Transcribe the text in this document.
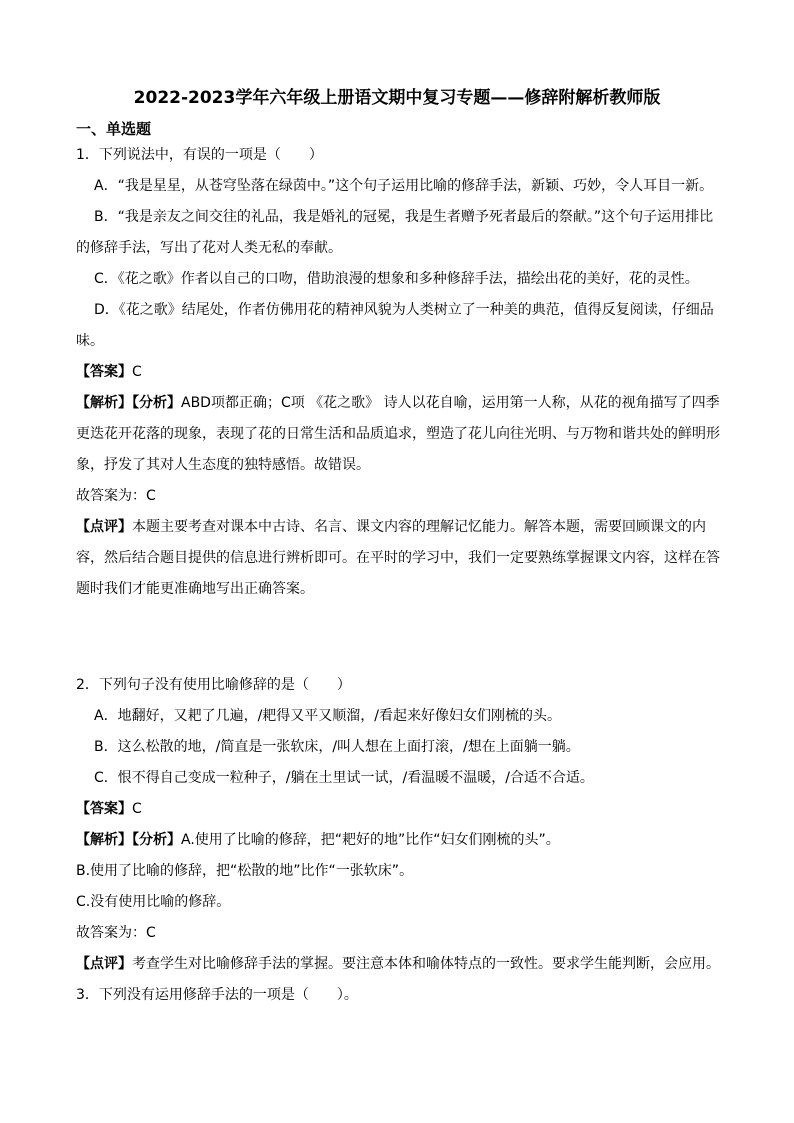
2022-2023学年六年级上册语文期中复习专题——修辞附解析教师版
一、单选题

1．下列说法中，有误的一项是（　　）

A．“我是星星，从苍穹坠落在绿茵中。”这个句子运用比喻的修辞手法，新颖、巧妙，令人耳目一新。

B．“我是亲友之间交往的礼品，我是婚礼的冠冕，我是生者赠予死者最后的祭献。”这个句子运用排比的修辞手法，写出了花对人类无私的奉献。

C．《花之歌》作者以自己的口吻，借助浪漫的想象和多种修辞手法，描绘出花的美好，花的灵性。

D．《花之歌》结尾处，作者仿佛用花的精神风貌为人类树立了一种美的典范，值得反复阅读，仔细品味。

【答案】C

【解析】【分析】ABD项都正确；C项 《花之歌》 诗人以花自喻，运用第一人称，从花的视角描写了四季更迭花开花落的现象，表现了花的日常生活和品质追求，塑造了花儿向往光明、与万物和谐共处的鲜明形象，抒发了其对人生态度的独特感悟。故错误。

故答案为：C

【点评】本题主要考查对课本中古诗、名言、课文内容的理解记忆能力。解答本题，需要回顾课文的内容，然后结合题目提供的信息进行辨析即可。在平时的学习中，我们一定要熟练掌握课文内容，这样在答题时我们才能更准确地写出正确答案。

2．下列句子没有使用比喻修辞的是（　　）

A．地翻好，又耙了几遍，/耙得又平又顺溜，/看起来好像妇女们刚梳的头。

B．这么松散的地，/简直是一张软床，/叫人想在上面打滚，/想在上面躺一躺。

C．恨不得自己变成一粒种子，/躺在土里试一试，/看温暖不温暖，/合适不合适。

【答案】C

【解析】【分析】A.使用了比喻的修辞，把“耙好的地”比作“妇女们刚梳的头”。

B.使用了比喻的修辞，把“松散的地”比作“一张软床”。

C.没有使用比喻的修辞。

故答案为：C

【点评】考查学生对比喻修辞手法的掌握。要注意本体和喻体特点的一致性。要求学生能判断，会应用。

3．下列没有运用修辞手法的一项是（　　）。
